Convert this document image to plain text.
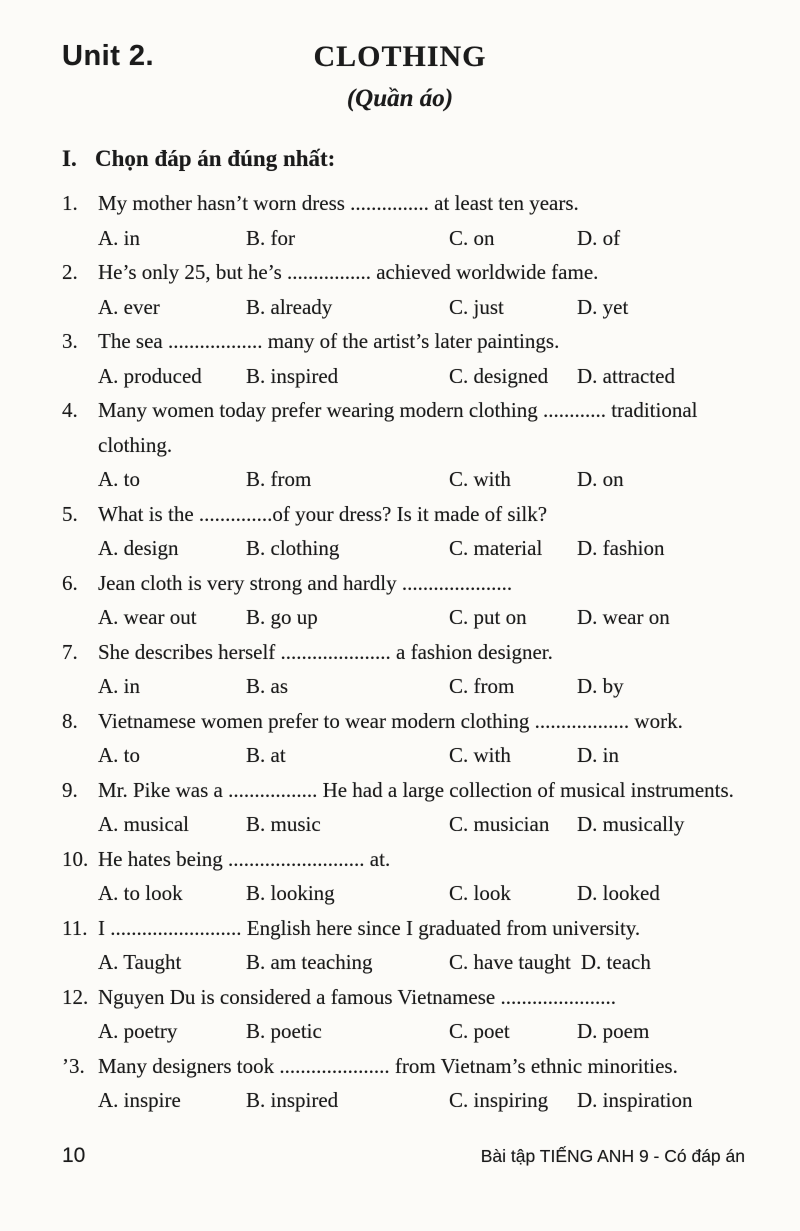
Unit 2.	CLOTHING
(Quần áo)
I. Chọn đáp án đúng nhất:
1. My mother hasn’t worn dress ............... at least ten years.
A. in	B. for	C. on	D. of
2. He’s only 25, but he’s ................ achieved worldwide fame.
A. ever	B. already	C. just	D. yet
3. The sea .................. many of the artist’s later paintings.
A. produced	B. inspired	C. designed	D. attracted
4. Many women today prefer wearing modern clothing ............ traditional clothing.
A. to	B. from	C. with	D. on
5. What is the ..............of your dress? Is it made of silk?
A. design	B. clothing	C. material	D. fashion
6. Jean cloth is very strong and hardly .....................
A. wear out	B. go up	C. put on	D. wear on
7. She describes herself ..................... a fashion designer.
A. in	B. as	C. from	D. by
8. Vietnamese women prefer to wear modern clothing .................. work.
A. to	B. at	C. with	D. in
9. Mr. Pike was a ................. He had a large collection of musical instruments.
A. musical	B. music	C. musician	D. musically
10. He hates being .......................... at.
A. to look	B. looking	C. look	D. looked
11. I ......................... English here since I graduated from university.
A. Taught	B. am teaching	C. have taught D. teach
12. Nguyen Du is considered a famous Vietnamese ......................
A. poetry	B. poetic	C. poet	D. poem
’3. Many designers took ..................... from Vietnam’s ethnic minorities.
A. inspire	B. inspired	C. inspiring	D. inspiration
10	Bài tập TIẾNG ANH 9 - Có đáp án
